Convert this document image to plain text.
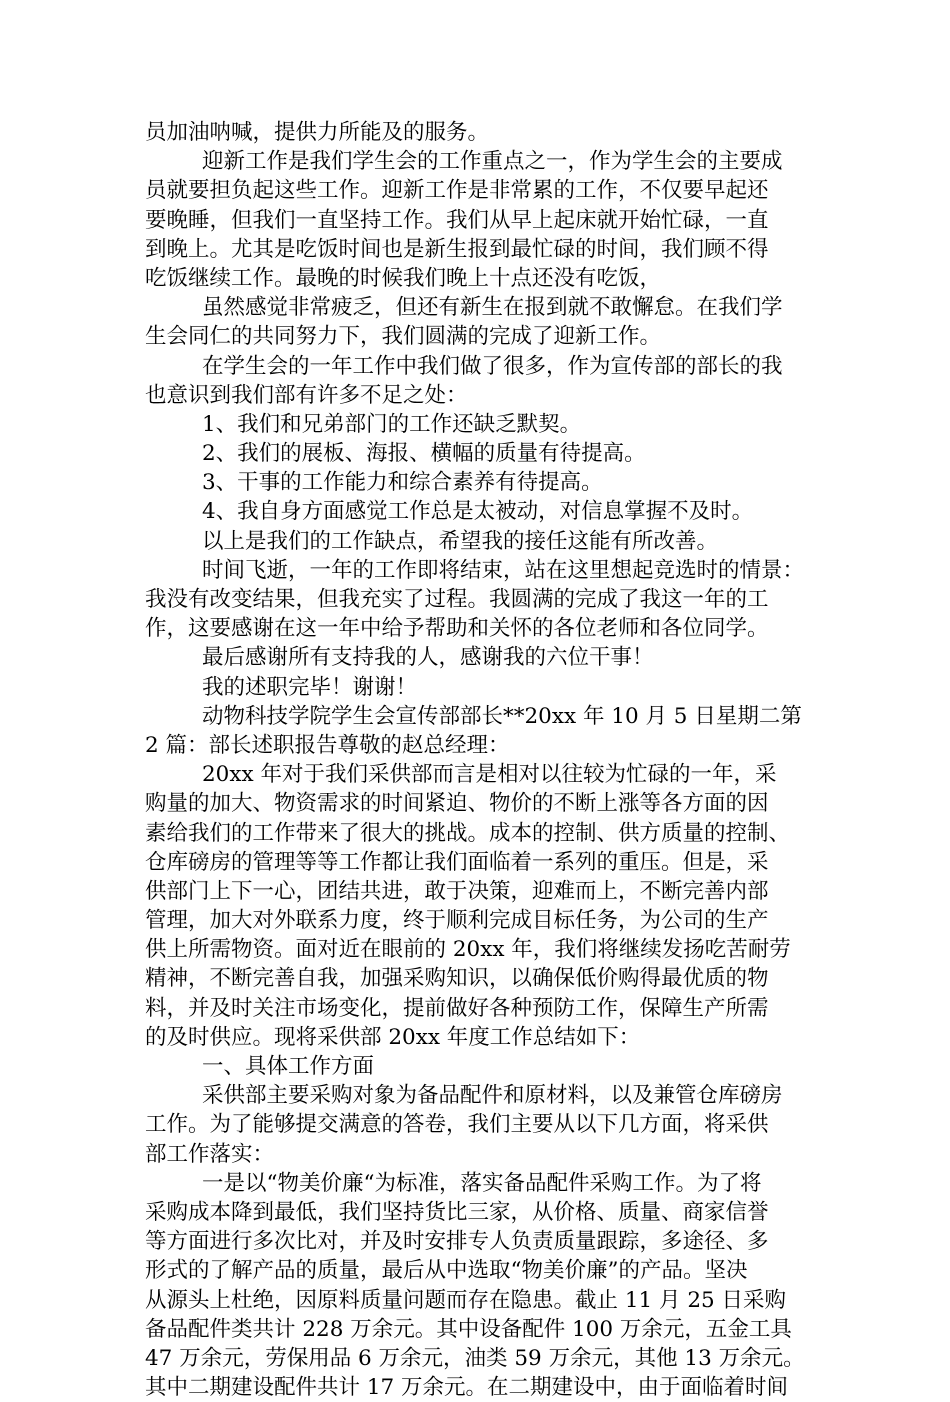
员加油呐喊，提供力所能及的服务。
迎新工作是我们学生会的工作重点之一，作为学生会的主要成
员就要担负起这些工作。迎新工作是非常累的工作，不仅要早起还
要晚睡，但我们一直坚持工作。我们从早上起床就开始忙碌，一直
到晚上。尤其是吃饭时间也是新生报到最忙碌的时间，我们顾不得
吃饭继续工作。最晚的时候我们晚上十点还没有吃饭，
虽然感觉非常疲乏，但还有新生在报到就不敢懈怠。在我们学
生会同仁的共同努力下，我们圆满的完成了迎新工作。
在学生会的一年工作中我们做了很多，作为宣传部的部长的我
也意识到我们部有许多不足之处：
1、我们和兄弟部门的工作还缺乏默契。
2、我们的展板、海报、横幅的质量有待提高。
3、干事的工作能力和综合素养有待提高。
4、我自身方面感觉工作总是太被动，对信息掌握不及时。
以上是我们的工作缺点，希望我的接任这能有所改善。
时间飞逝，一年的工作即将结束，站在这里想起竞选时的情景：
我没有改变结果，但我充实了过程。我圆满的完成了我这一年的工
作，这要感谢在这一年中给予帮助和关怀的各位老师和各位同学。
最后感谢所有支持我的人，感谢我的六位干事！
我的述职完毕！谢谢！
动物科技学院学生会宣传部部长**20xx 年 10 月 5 日星期二第
2 篇：部长述职报告尊敬的赵总经理：
20xx 年对于我们采供部而言是相对以往较为忙碌的一年，采
购量的加大、物资需求的时间紧迫、物价的不断上涨等各方面的因
素给我们的工作带来了很大的挑战。成本的控制、供方质量的控制、
仓库磅房的管理等等工作都让我们面临着一系列的重压。但是，采
供部门上下一心，团结共进，敢于决策，迎难而上，不断完善内部
管理，加大对外联系力度，终于顺利完成目标任务，为公司的生产
供上所需物资。面对近在眼前的 20xx 年，我们将继续发扬吃苦耐劳
精神，不断完善自我，加强采购知识，以确保低价购得最优质的物
料，并及时关注市场变化，提前做好各种预防工作，保障生产所需
的及时供应。现将采供部 20xx 年度工作总结如下：
一、具体工作方面
采供部主要采购对象为备品配件和原材料，以及兼管仓库磅房
工作。为了能够提交满意的答卷，我们主要从以下几方面，将采供
部工作落实：
一是以“物美价廉“为标准，落实备品配件采购工作。为了将
采购成本降到最低，我们坚持货比三家，从价格、质量、商家信誉
等方面进行多次比对，并及时安排专人负责质量跟踪，多途径、多
形式的了解产品的质量，最后从中选取“物美价廉”的产品。坚决
从源头上杜绝，因原料质量问题而存在隐患。截止 11 月 25 日采购
备品配件类共计 228 万余元。其中设备配件 100 万余元，五金工具
47 万余元，劳保用品 6 万余元，油类 59 万余元，其他 13 万余元。
其中二期建设配件共计 17 万余元。在二期建设中，由于面临着时间
